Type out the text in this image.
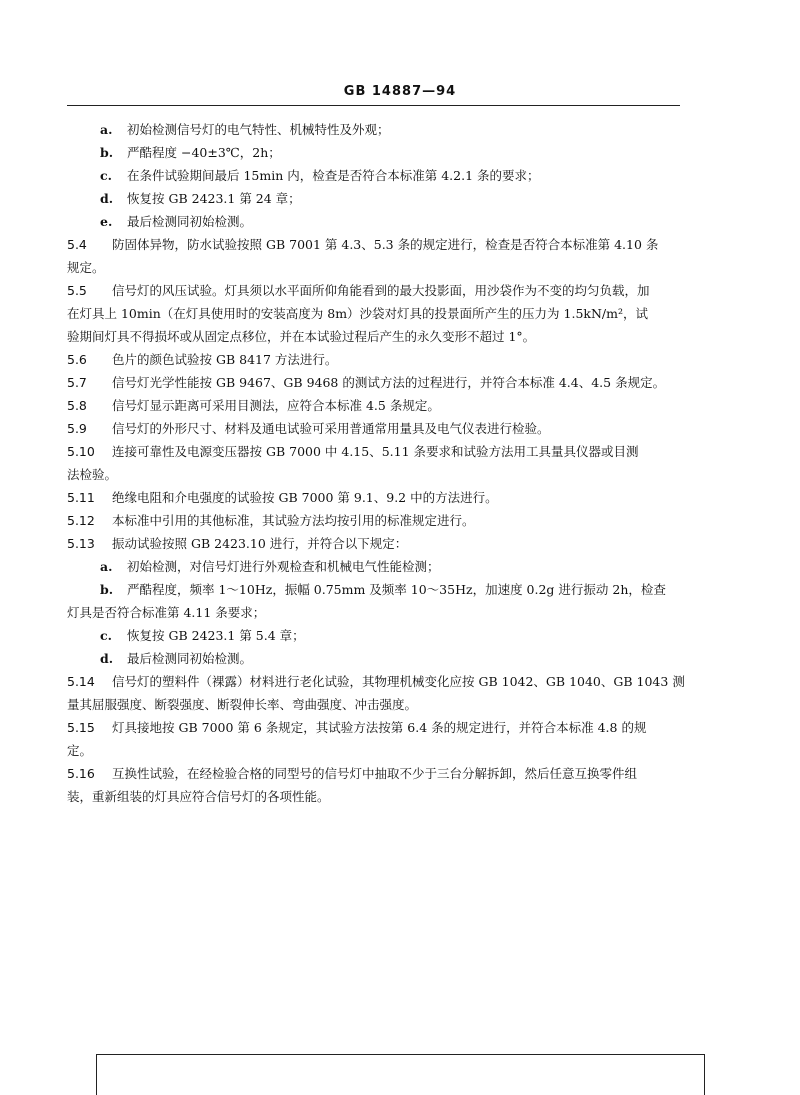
GB 14887—94
a. 初始检测信号灯的电气特性、机械特性及外观；
b. 严酷程度 −40±3℃，2h；
c. 在条件试验期间最后 15min 内，检查是否符合本标准第 4.2.1 条的要求；
d. 恢复按 GB 2423.1 第 24 章；
e. 最后检测同初始检测。
5.4 防固体异物，防水试验按照 GB 7001 第 4.3、5.3 条的规定进行，检查是否符合本标准第 4.10 条
规定。
5.5 信号灯的风压试验。灯具须以水平面所仰角能看到的最大投影面，用沙袋作为不变的均匀负载，加
在灯具上 10min（在灯具使用时的安装高度为 8m）沙袋对灯具的投景面所产生的压力为 1.5kN/m²，试
验期间灯具不得损坏或从固定点移位，并在本试验过程后产生的永久变形不超过 1°。
5.6 色片的颜色试验按 GB 8417 方法进行。
5.7 信号灯光学性能按 GB 9467、GB 9468 的测试方法的过程进行，并符合本标准 4.4、4.5 条规定。
5.8 信号灯显示距离可采用目测法，应符合本标准 4.5 条规定。
5.9 信号灯的外形尺寸、材料及通电试验可采用普通常用量具及电气仪表进行检验。
5.10 连接可靠性及电源变压器按 GB 7000 中 4.15、5.11 条要求和试验方法用工具量具仪器或目测
法检验。
5.11 绝缘电阻和介电强度的试验按 GB 7000 第 9.1、9.2 中的方法进行。
5.12 本标准中引用的其他标准，其试验方法均按引用的标准规定进行。
5.13 振动试验按照 GB 2423.10 进行，并符合以下规定：
a. 初始检测，对信号灯进行外观检查和机械电气性能检测；
b. 严酷程度，频率 1～10Hz，振幅 0.75mm 及频率 10～35Hz，加速度 0.2g 进行振动 2h，检查
灯具是否符合标准第 4.11 条要求；
c. 恢复按 GB 2423.1 第 5.4 章；
d. 最后检测同初始检测。
5.14 信号灯的塑料件（裸露）材料进行老化试验，其物理机械变化应按 GB 1042、GB 1040、GB 1043 测
量其屈服强度、断裂强度、断裂伸长率、弯曲强度、冲击强度。
5.15 灯具接地按 GB 7000 第 6 条规定，其试验方法按第 6.4 条的规定进行，并符合本标准 4.8 的规
定。
5.16 互换性试验，在经检验合格的同型号的信号灯中抽取不少于三台分解拆卸，然后任意互换零件组
装，重新组装的灯具应符合信号灯的各项性能。
